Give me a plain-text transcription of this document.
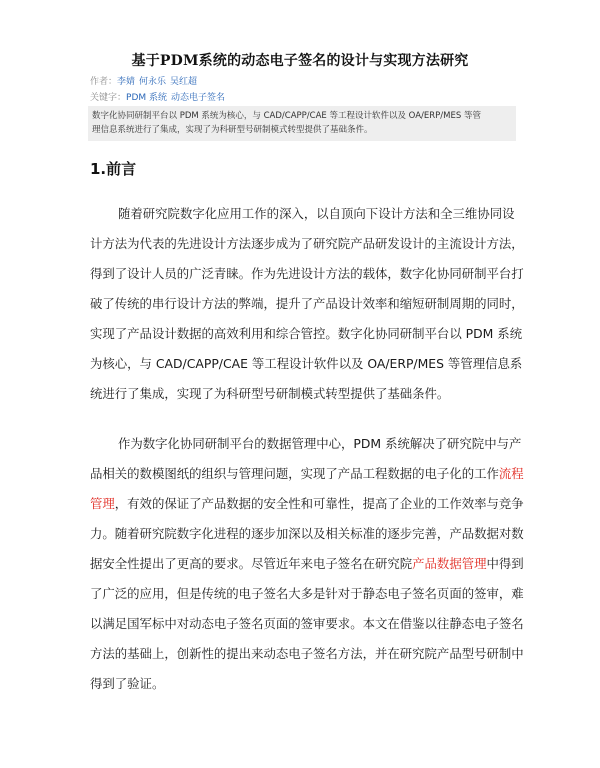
基于PDM系统的动态电子签名的设计与实现方法研究
作者：李婧 何永乐 吴红超
关键字：PDM 系统 动态电子签名
数字化协同研制平台以 PDM 系统为核心，与 CAD/CAPP/CAE 等工程设计软件以及 OA/ERP/MES 等管
理信息系统进行了集成，实现了为科研型号研制模式转型提供了基础条件。
1.前言
随着研究院数字化应用工作的深入，以自顶向下设计方法和全三维协同设
计方法为代表的先进设计方法逐步成为了研究院产品研发设计的主流设计方法，
得到了设计人员的广泛青睐。作为先进设计方法的载体，数字化协同研制平台打
破了传统的串行设计方法的弊端，提升了产品设计效率和缩短研制周期的同时，
实现了产品设计数据的高效利用和综合管控。数字化协同研制平台以 PDM 系统
为核心，与 CAD/CAPP/CAE 等工程设计软件以及 OA/ERP/MES 等管理信息系
统进行了集成，实现了为科研型号研制模式转型提供了基础条件。
作为数字化协同研制平台的数据管理中心，PDM 系统解决了研究院中与产
品相关的数模图纸的组织与管理问题，实现了产品工程数据的电子化的工作流程
管理，有效的保证了产品数据的安全性和可靠性，提高了企业的工作效率与竞争
力。随着研究院数字化进程的逐步加深以及相关标准的逐步完善，产品数据对数
据安全性提出了更高的要求。尽管近年来电子签名在研究院产品数据管理中得到
了广泛的应用，但是传统的电子签名大多是针对于静态电子签名页面的签审，难
以满足国军标中对动态电子签名页面的签审要求。本文在借鉴以往静态电子签名
方法的基础上，创新性的提出来动态电子签名方法，并在研究院产品型号研制中
得到了验证。
